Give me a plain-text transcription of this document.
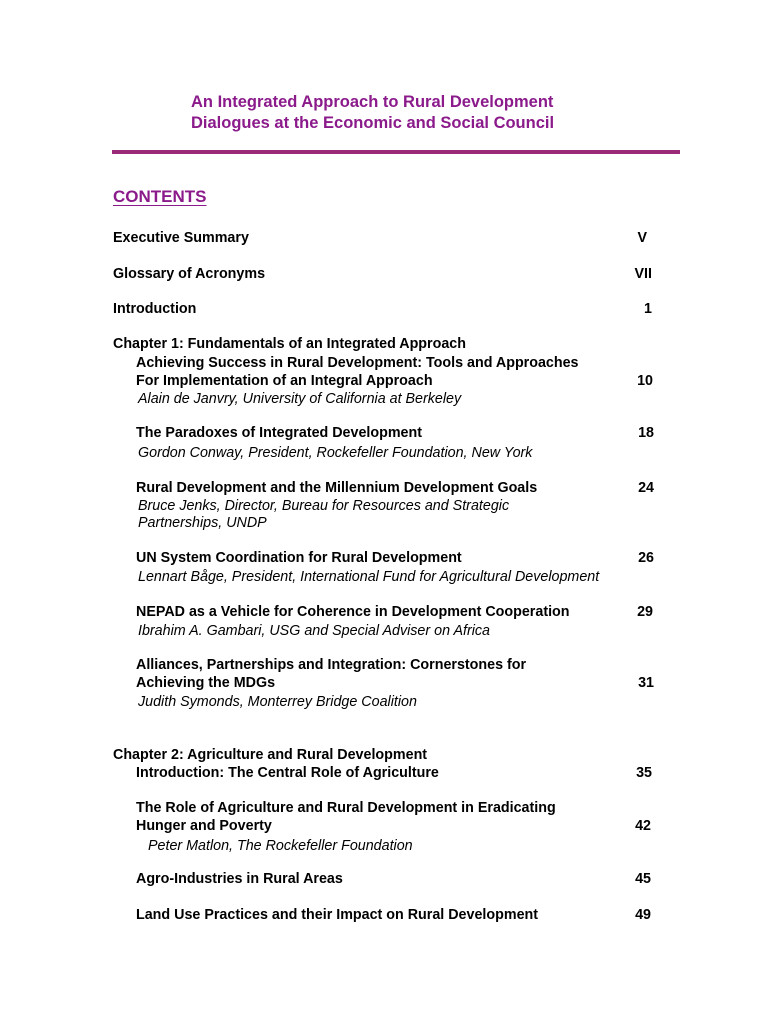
An Integrated Approach to Rural Development
Dialogues at the Economic and Social Council
CONTENTS
Executive Summary	V
Glossary of Acronyms	VII
Introduction	1
Chapter 1: Fundamentals of an Integrated Approach
Achieving Success in Rural Development: Tools and Approaches
For Implementation of an Integral Approach	10
Alain de Janvry, University of California at Berkeley
The Paradoxes of Integrated Development	18
Gordon Conway, President, Rockefeller Foundation, New York
Rural Development and the Millennium Development Goals	24
Bruce Jenks, Director, Bureau for Resources and Strategic
Partnerships, UNDP
UN System Coordination for Rural Development	26
Lennart Båge, President, International Fund for Agricultural Development
NEPAD as a Vehicle for Coherence in Development Cooperation	29
Ibrahim A. Gambari, USG and Special Adviser on Africa
Alliances, Partnerships and Integration: Cornerstones for
Achieving the MDGs	31
Judith Symonds, Monterrey Bridge Coalition
Chapter 2: Agriculture and Rural Development
Introduction: The Central Role of Agriculture	35
The Role of Agriculture and Rural Development in Eradicating
Hunger and Poverty	42
Peter Matlon, The Rockefeller Foundation
Agro-Industries in Rural Areas	45
Land Use Practices and their Impact on Rural Development	49
